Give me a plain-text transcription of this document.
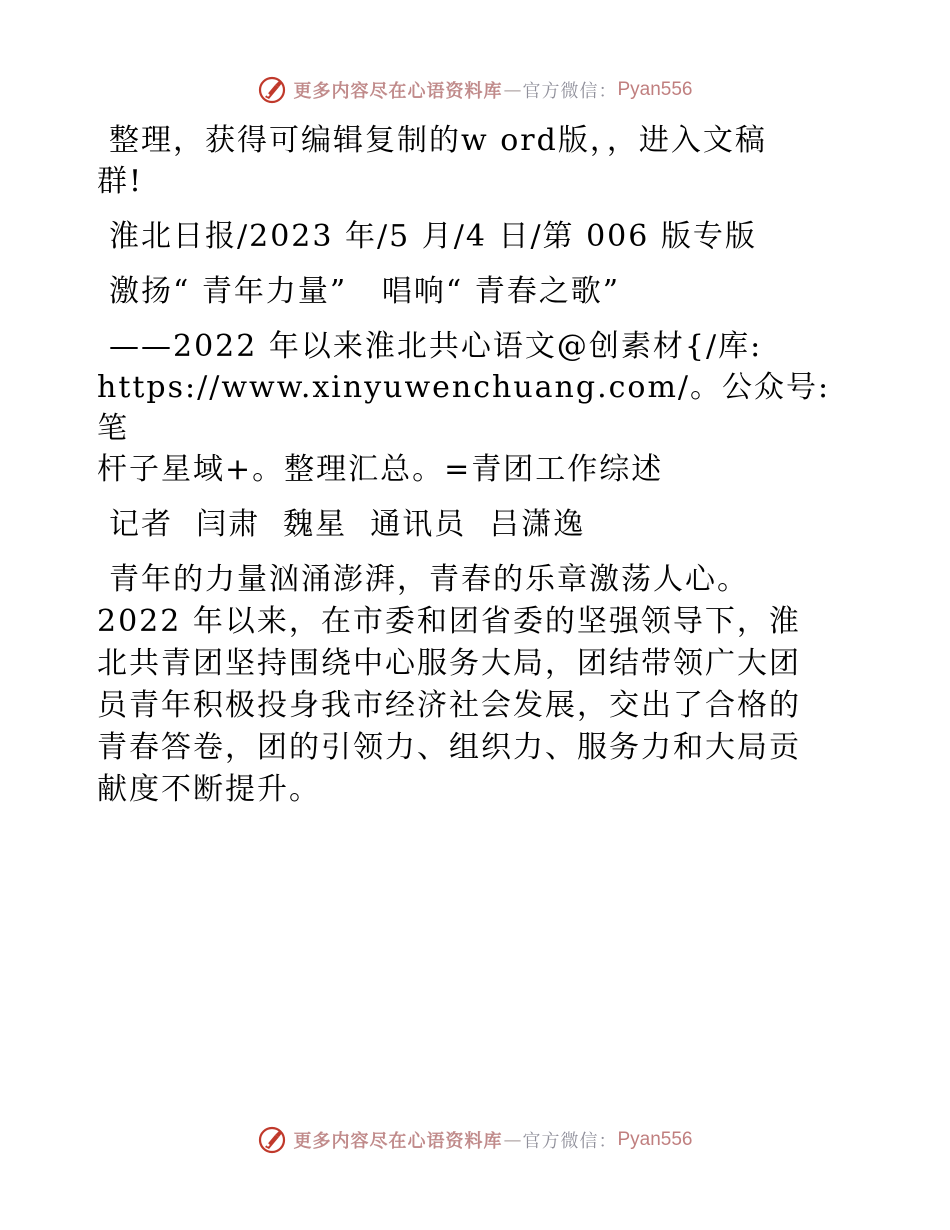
更多内容尽在心语资料库 — 官方微信： Pyan556

整理，获得可编辑复制的w ord版，，进入文稿

群!

淮北日报/2023 年/5 月/4 日/第 006 版专版

激扬“ 青年力量”   唱响“ 青春之歌”

——2022 年以来淮北共心语文@创素材{/库:

https://www.xinyuwenchuang.com/。公众号: 笔

杆子星域+。整理汇总。=青团工作综述

记者  闫肃  魏星  通讯员  吕潇逸

青年的力量汹涌澎湃，青春的乐章激荡人心。

2022 年以来，在市委和团省委的坚强领导下，淮

北共青团坚持围绕中心服务大局，团结带领广大团

员青年积极投身我市经济社会发展，交出了合格的

青春答卷，团的引领力、组织力、服务力和大局贡

献度不断提升。

更多内容尽在心语资料库 — 官方微信： Pyan556
